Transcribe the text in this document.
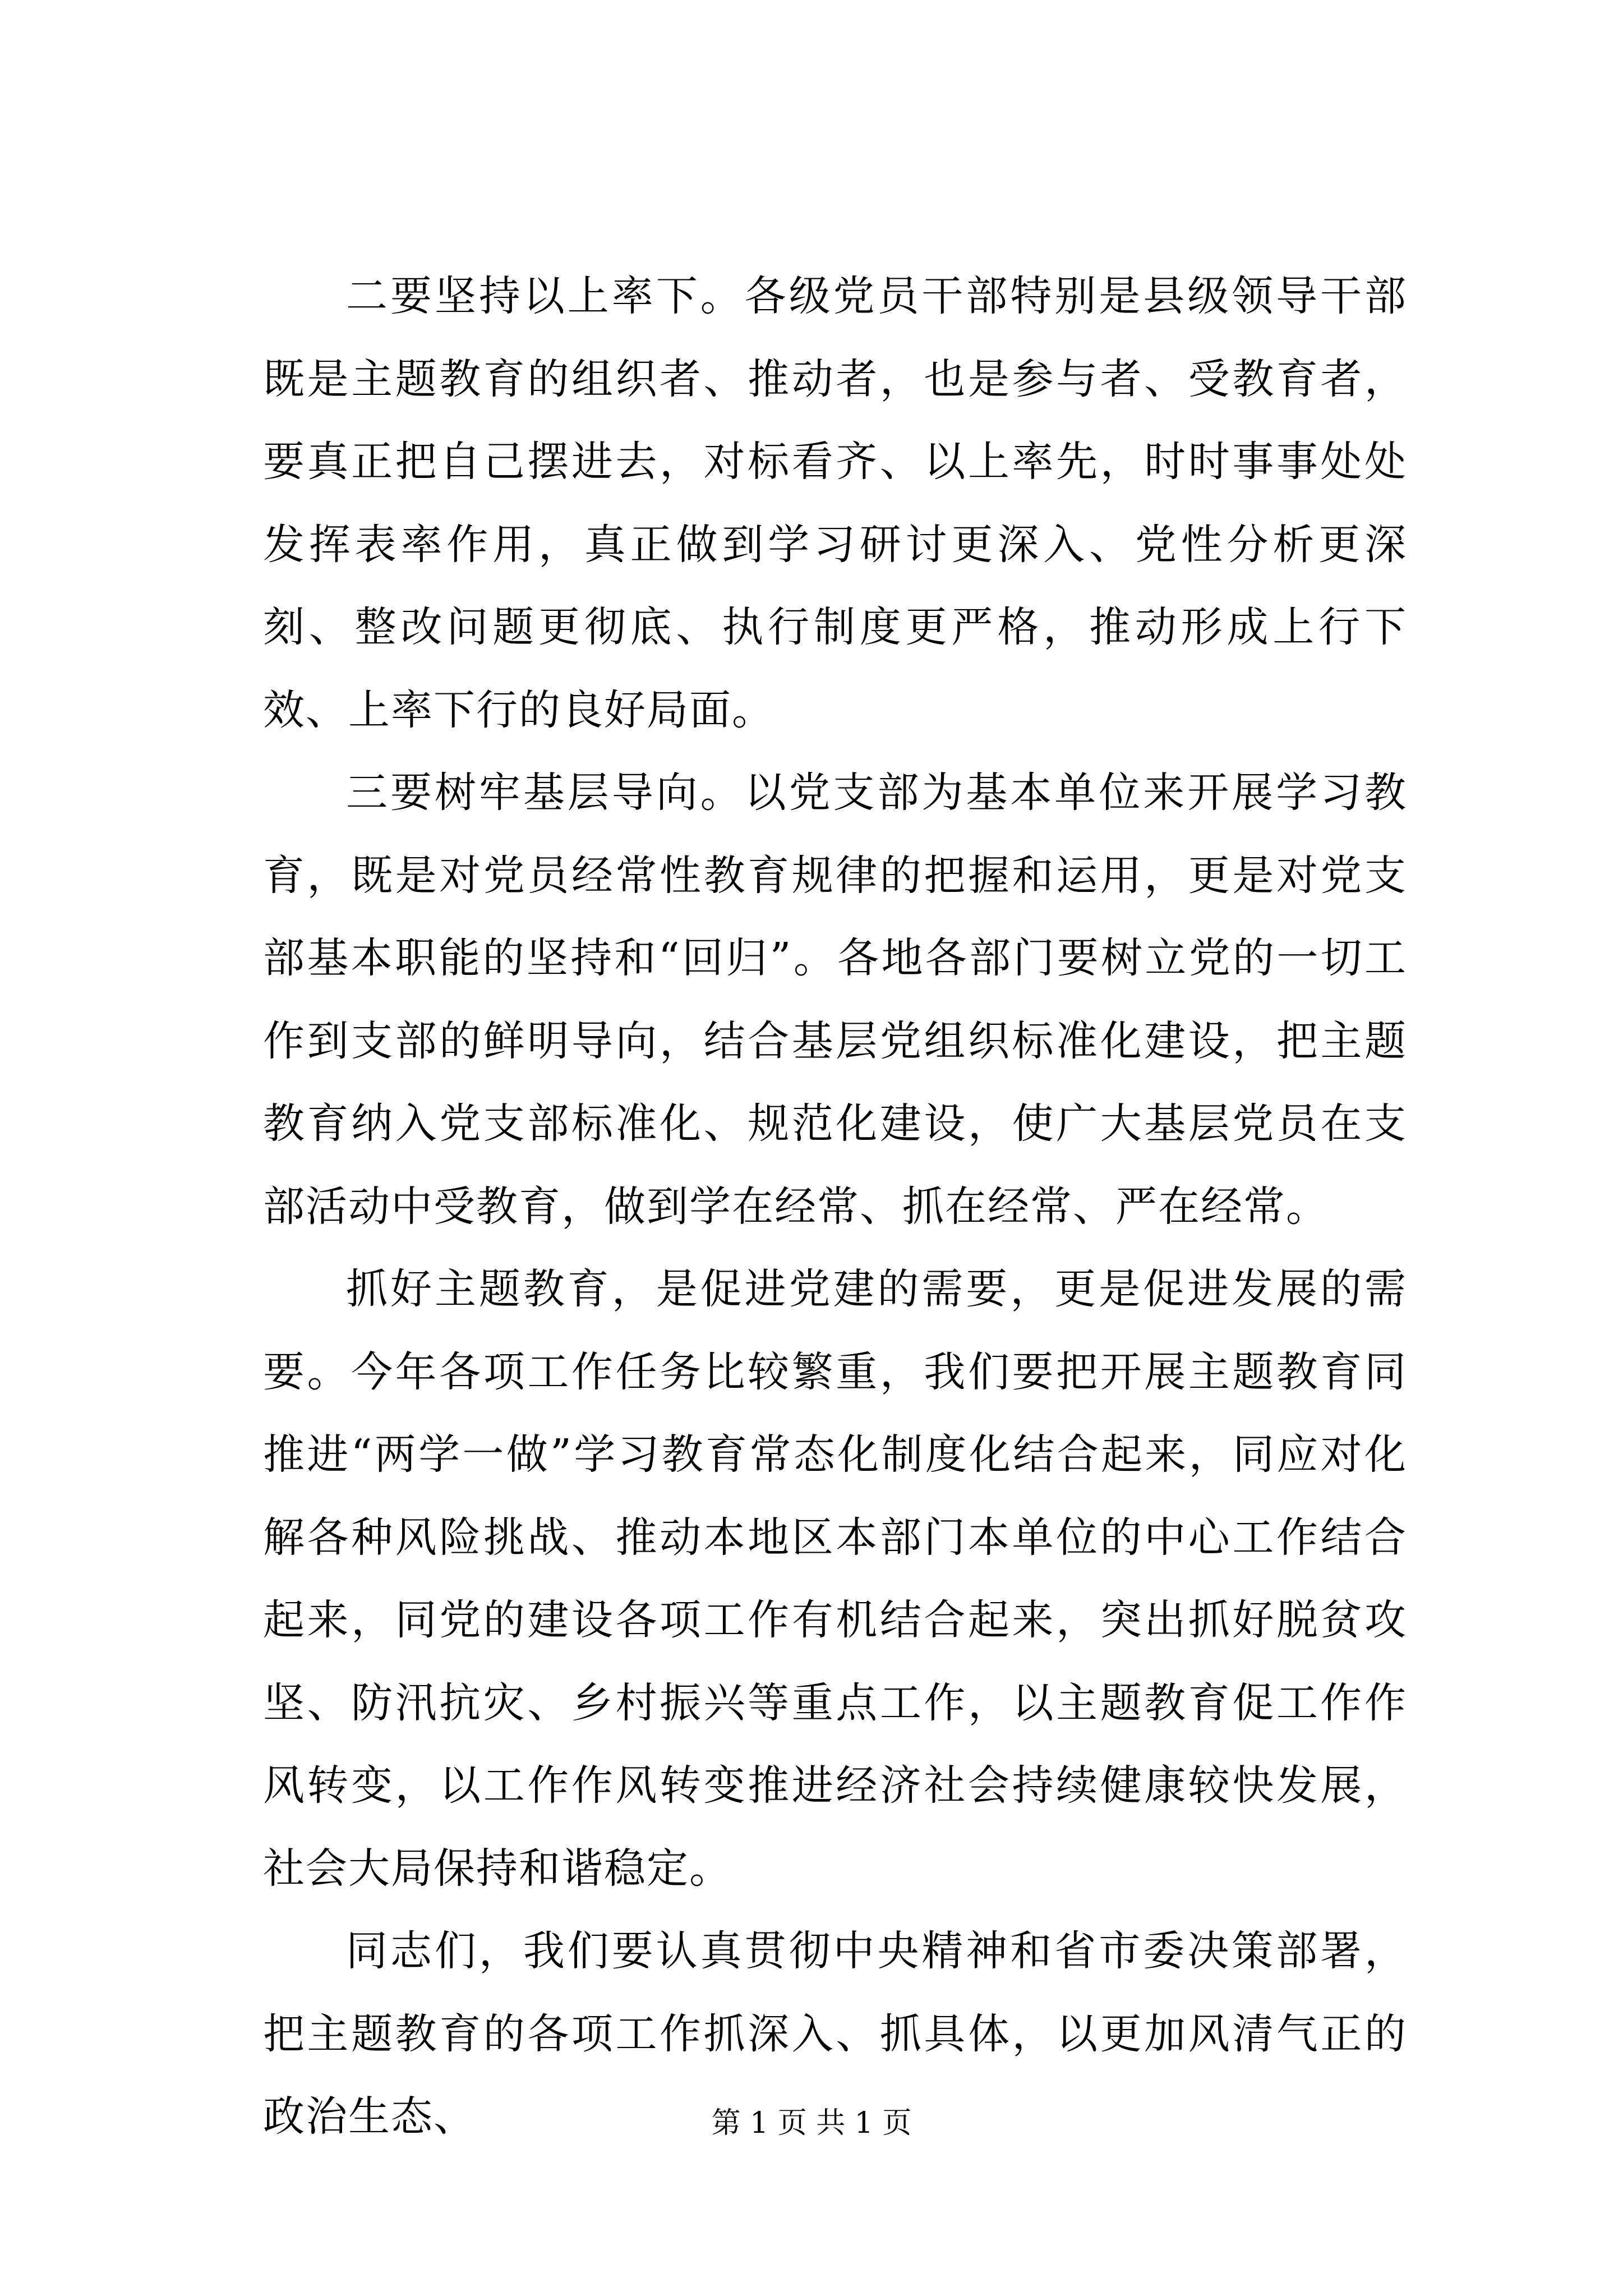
二要坚持以上率下。各级党员干部特别是县级领导干部既是主题教育的组织者、推动者，也是参与者、受教育者，要真正把自己摆进去，对标看齐、以上率先，时时事事处处发挥表率作用，真正做到学习研讨更深入、党性分析更深刻、整改问题更彻底、执行制度更严格，推动形成上行下效、上率下行的良好局面。

三要树牢基层导向。以党支部为基本单位来开展学习教育，既是对党员经常性教育规律的把握和运用，更是对党支部基本职能的坚持和“回归”。各地各部门要树立党的一切工作到支部的鲜明导向，结合基层党组织标准化建设，把主题教育纳入党支部标准化、规范化建设，使广大基层党员在支部活动中受教育，做到学在经常、抓在经常、严在经常。

抓好主题教育，是促进党建的需要，更是促进发展的需要。今年各项工作任务比较繁重，我们要把开展主题教育同推进“两学一做”学习教育常态化制度化结合起来，同应对化解各种风险挑战、推动本地区本部门本单位的中心工作结合起来，同党的建设各项工作有机结合起来，突出抓好脱贫攻坚、防汛抗灾、乡村振兴等重点工作，以主题教育促工作作风转变，以工作作风转变推进经济社会持续健康较快发展，社会大局保持和谐稳定。

同志们，我们要认真贯彻中央精神和省市委决策部署，把主题教育的各项工作抓深入、抓具体，以更加风清气正的政治生态、	第 1 页 共 1 页
